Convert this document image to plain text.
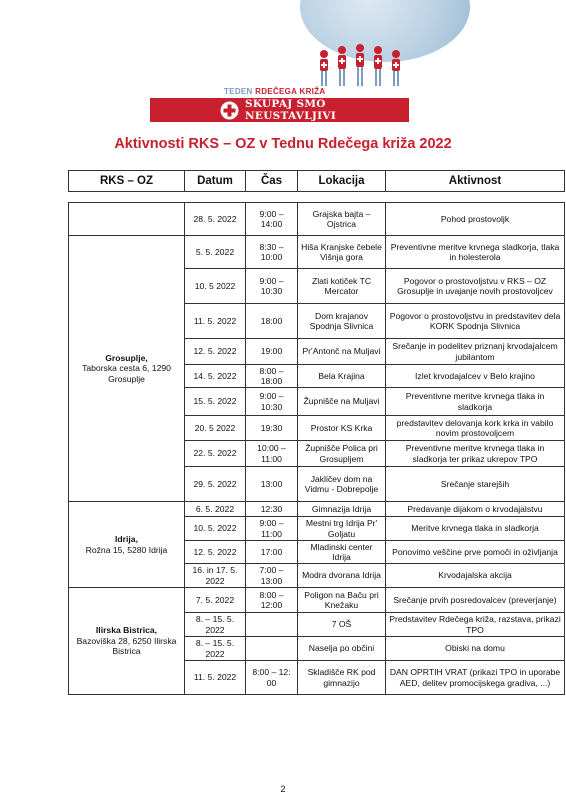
TEDEN RDEČEGA KRIŽA
SKUPAJ SMO NEUSTAVLJIVI
Aktivnosti RKS – OZ v Tednu Rdečega križa 2022
RKS – OZ	Datum	Čas	Lokacija	Aktivnost
	28. 5. 2022	9:00 – 14:00	Grajska bajta – Ojstrica	Pohod prostovoljk

Grosuplje,
Taborska cesta 6, 1290 Grosuplje	5. 5. 2022	8:30 – 10:00	Hiša Kranjske čebele Višnja gora	Preventivne meritve krvnega sladkorja, tlaka in holesterola
	10. 5 2022	9:00 – 10:30	Zlati kotiček TC Mercator	Pogovor o prostovoljstvu v RKS – OZ Grosuplje in uvajanje novih prostovoljcev
	11. 5. 2022	18:00	Dom krajanov Spodnja Slivnica	Pogovor o prostovoljstvu in predstavitev dela KORK Spodnja Slivnica
	12. 5. 2022	19:00	Pr'Antonč na Muljavi	Srečanje in podelitev priznanj krvodajalcem jubilantom
	14. 5. 2022	8:00 – 18:00	Bela Krajina	Izlet krvodajalcev v Belo krajino
	15. 5. 2022	9:00 – 10:30	Župnišče na Muljavi	Preventivne meritve krvnega tlaka in sladkorja
	20. 5 2022	19:30	Prostor KS Krka	predstavitev delovanja kork krka in vabilo novim prostovoljcem
	22. 5. 2022	10:00 – 11:00	Župnišče Polica pri Grosupljem	Preventivne meritve krvnega tlaka in sladkorja ter prikaz ukrepov TPO
	29. 5. 2022	13:00	Jakličev dom na Vidmu - Dobrepolje	Srečanje starejših

Idrija,
Rožna 15, 5280 Idrija	6. 5. 2022	12:30	Gimnazija Idrija	Predavanje dijakom o krvodajalstvu
	10. 5. 2022	9:00 – 11:00	Mestni trg Idrija Pr' Goljatu	Meritve krvnega tlaka in sladkorja
	12. 5. 2022	17:00	Mladinski center Idrija	Ponovimo veščine prve pomoči in oživljanja
	16. in 17. 5. 2022	7:00 – 13:00	Modra dvorana Idrija	Krvodajalska akcija

Ilirska Bistrica,
Bazoviška 28, 6250 Ilirska Bistrica	7. 5. 2022	8:00 – 12:00	Poligon na Baču pri Knežaku	Srečanje prvih posredovalcev (preverjanje)
	8. – 15. 5. 2022		7 OŠ	Predstavitev Rdečega križa, razstava, prikazi TPO
	8. – 15. 5. 2022		Naselja po občini	Obiski na domu
	11. 5. 2022	8:00 – 12: 00	Skladišče RK pod gimnazijo	DAN OPRTIH VRAT (prikazi TPO in uporabe AED, delitev promocijskega gradiva, ...)
2
